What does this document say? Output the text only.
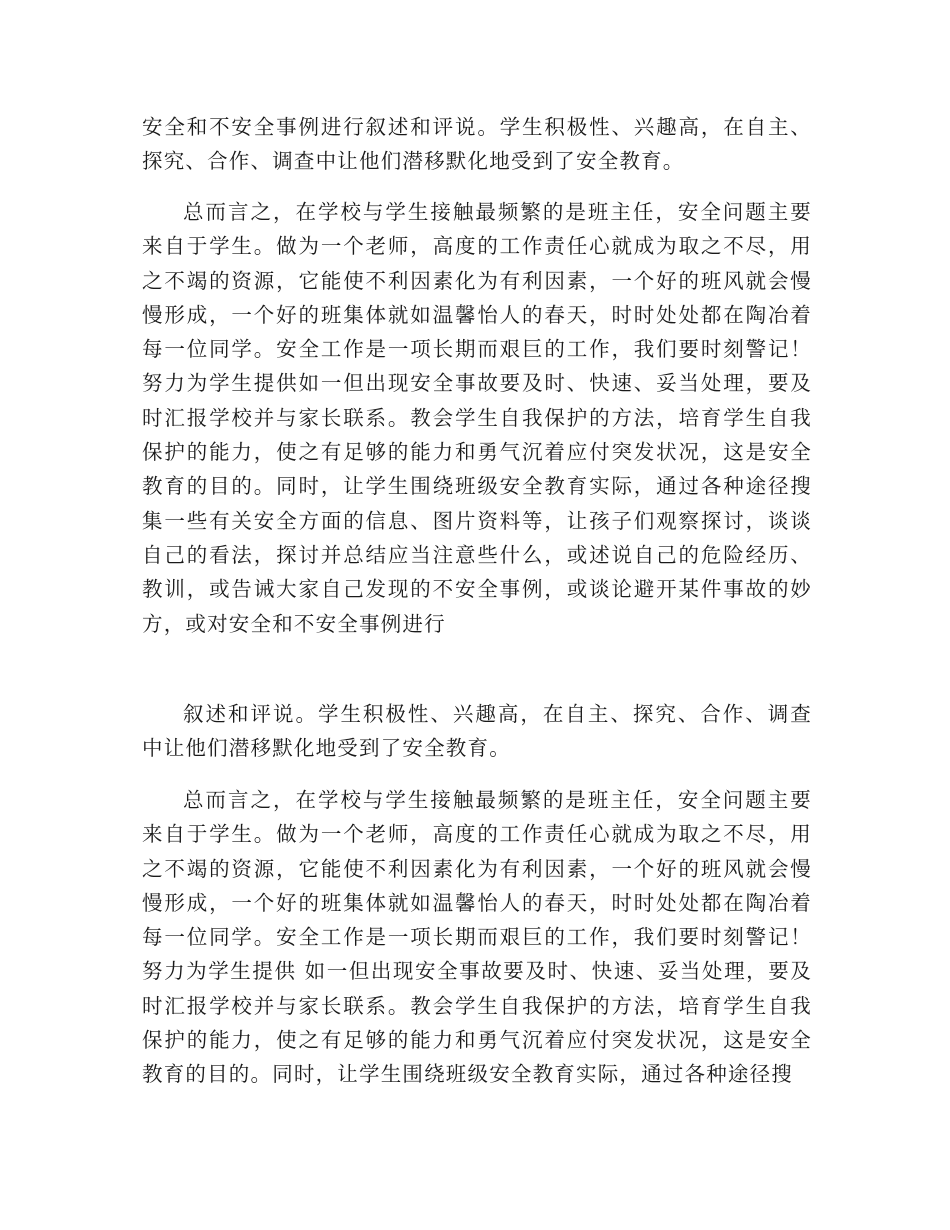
安全和不安全事例进行叙述和评说。学生积极性、兴趣高，在自主、探究、合作、调查中让他们潜移默化地受到了安全教育。

总而言之，在学校与学生接触最频繁的是班主任，安全问题主要来自于学生。做为一个老师，高度的工作责任心就成为取之不尽，用之不竭的资源，它能使不利因素化为有利因素，一个好的班风就会慢慢形成，一个好的班集体就如温馨怡人的春天，时时处处都在陶冶着每一位同学。安全工作是一项长期而艰巨的工作，我们要时刻警记！努力为学生提供如一但出现安全事故要及时、快速、妥当处理，要及时汇报学校并与家长联系。教会学生自我保护的方法，培育学生自我保护的能力，使之有足够的能力和勇气沉着应付突发状况，这是安全教育的目的。同时，让学生围绕班级安全教育实际，通过各种途径搜集一些有关安全方面的信息、图片资料等，让孩子们观察探讨，谈谈自己的看法，探讨并总结应当注意些什么，或述说自己的危险经历、教训，或告诫大家自己发现的不安全事例，或谈论避开某件事故的妙方，或对安全和不安全事例进行

叙述和评说。学生积极性、兴趣高，在自主、探究、合作、调查中让他们潜移默化地受到了安全教育。

总而言之，在学校与学生接触最频繁的是班主任，安全问题主要来自于学生。做为一个老师，高度的工作责任心就成为取之不尽，用之不竭的资源，它能使不利因素化为有利因素，一个好的班风就会慢慢形成，一个好的班集体就如温馨怡人的春天，时时处处都在陶冶着每一位同学。安全工作是一项长期而艰巨的工作，我们要时刻警记！努力为学生提供 如一但出现安全事故要及时、快速、妥当处理，要及时汇报学校并与家长联系。教会学生自我保护的方法，培育学生自我保护的能力，使之有足够的能力和勇气沉着应付突发状况，这是安全教育的目的。同时，让学生围绕班级安全教育实际，通过各种途径搜
